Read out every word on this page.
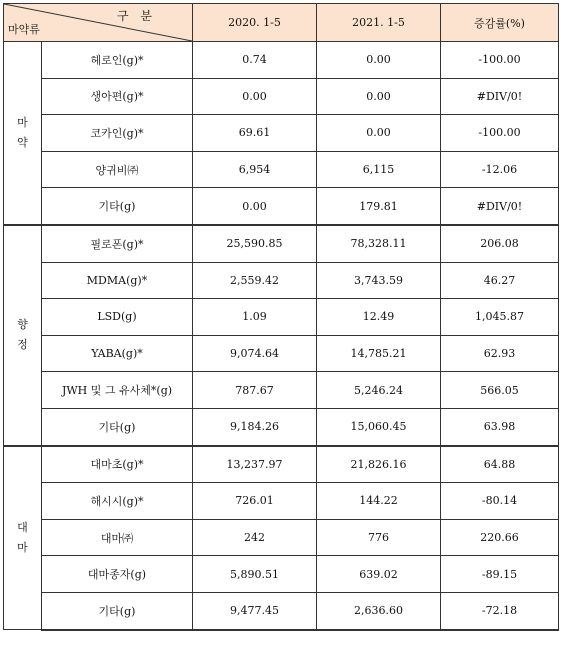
구 분
마약류		2020. 1-5	2021. 1-5	증감률(%)

마
약	헤로인(g)*	0.74	0.00	-100.00
	생아편(g)*	0.00	0.00	#DIV/0!
	코카인(g)*	69.61	0.00	-100.00
	양귀비㈜	6,954	6,115	-12.06
	기타(g)	0.00	179.81	#DIV/0!

향
정	필로폰(g)*	25,590.85	78,328.11	206.08
	MDMA(g)*	2,559.42	3,743.59	46.27
	LSD(g)	1.09	12.49	1,045.87
	YABA(g)*	9,074.64	14,785.21	62.93
	JWH 및 그 유사체*(g)	787.67	5,246.24	566.05
	기타(g)	9,184.26	15,060.45	63.98

대
마	대마초(g)*	13,237.97	21,826.16	64.88
	해시시(g)*	726.01	144.22	-80.14
	대마㈜	242	776	220.66
	대마종자(g)	5,890.51	639.02	-89.15
	기타(g)	9,477.45	2,636.60	-72.18
